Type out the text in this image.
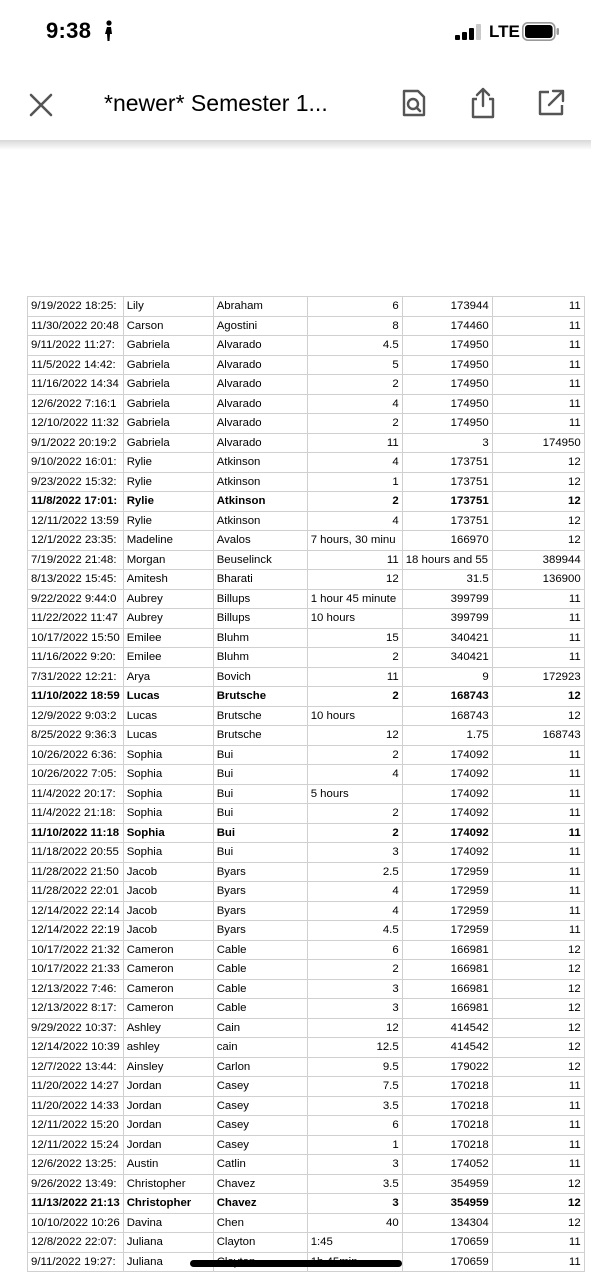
9:38	LTE
*newer* Semester 1...
9/19/2022 18:25:	Lily	Abraham	6	173944	11
11/30/2022 20:48	Carson	Agostini	8	174460	11
9/11/2022 11:27:	Gabriela	Alvarado	4.5	174950	11
11/5/2022 14:42:	Gabriela	Alvarado	5	174950	11
11/16/2022 14:34	Gabriela	Alvarado	2	174950	11
12/6/2022 7:16:1	Gabriela	Alvarado	4	174950	11
12/10/2022 11:32	Gabriela	Alvarado	2	174950	11
9/1/2022 20:19:2	Gabriela	Alvarado	11	3	174950
9/10/2022 16:01:	Rylie	Atkinson	4	173751	12
9/23/2022 15:32:	Rylie	Atkinson	1	173751	12
11/8/2022 17:01:	Rylie	Atkinson	2	173751	12
12/11/2022 13:59	Rylie	Atkinson	4	173751	12
12/1/2022 23:35:	Madeline	Avalos	7 hours, 30 minu	166970	12
7/19/2022 21:48:	Morgan	Beuselinck	11	18 hours and 55	389944
8/13/2022 15:45:	Amitesh	Bharati	12	31.5	136900
9/22/2022 9:44:0	Aubrey	Billups	1 hour 45 minute	399799	11
11/22/2022 11:47	Aubrey	Billups	10 hours	399799	11
10/17/2022 15:50	Emilee	Bluhm	15	340421	11
11/16/2022 9:20:	Emilee	Bluhm	2	340421	11
7/31/2022 12:21:	Arya	Bovich	11	9	172923
11/10/2022 18:59	Lucas	Brutsche	2	168743	12
12/9/2022 9:03:2	Lucas	Brutsche	10 hours	168743	12
8/25/2022 9:36:3	Lucas	Brutsche	12	1.75	168743
10/26/2022 6:36:	Sophia	Bui	2	174092	11
10/26/2022 7:05:	Sophia	Bui	4	174092	11
11/4/2022 20:17:	Sophia	Bui	5 hours	174092	11
11/4/2022 21:18:	Sophia	Bui	2	174092	11
11/10/2022 11:18	Sophia	Bui	2	174092	11
11/18/2022 20:55	Sophia	Bui	3	174092	11
11/28/2022 21:50	Jacob	Byars	2.5	172959	11
11/28/2022 22:01	Jacob	Byars	4	172959	11
12/14/2022 22:14	Jacob	Byars	4	172959	11
12/14/2022 22:19	Jacob	Byars	4.5	172959	11
10/17/2022 21:32	Cameron	Cable	6	166981	12
10/17/2022 21:33	Cameron	Cable	2	166981	12
12/13/2022 7:46:	Cameron	Cable	3	166981	12
12/13/2022 8:17:	Cameron	Cable	3	166981	12
9/29/2022 10:37:	Ashley	Cain	12	414542	12
12/14/2022 10:39	ashley	cain	12.5	414542	12
12/7/2022 13:44:	Ainsley	Carlon	9.5	179022	12
11/20/2022 14:27	Jordan	Casey	7.5	170218	11
11/20/2022 14:33	Jordan	Casey	3.5	170218	11
12/11/2022 15:20	Jordan	Casey	6	170218	11
12/11/2022 15:24	Jordan	Casey	1	170218	11
12/6/2022 13:25:	Austin	Catlin	3	174052	11
9/26/2022 13:49:	Christopher	Chavez	3.5	354959	12
11/13/2022 21:13	Christopher	Chavez	3	354959	12
10/10/2022 10:26	Davina	Chen	40	134304	12
12/8/2022 22:07:	Juliana	Clayton	1:45	170659	11
9/11/2022 19:27:	Juliana			170659	11
